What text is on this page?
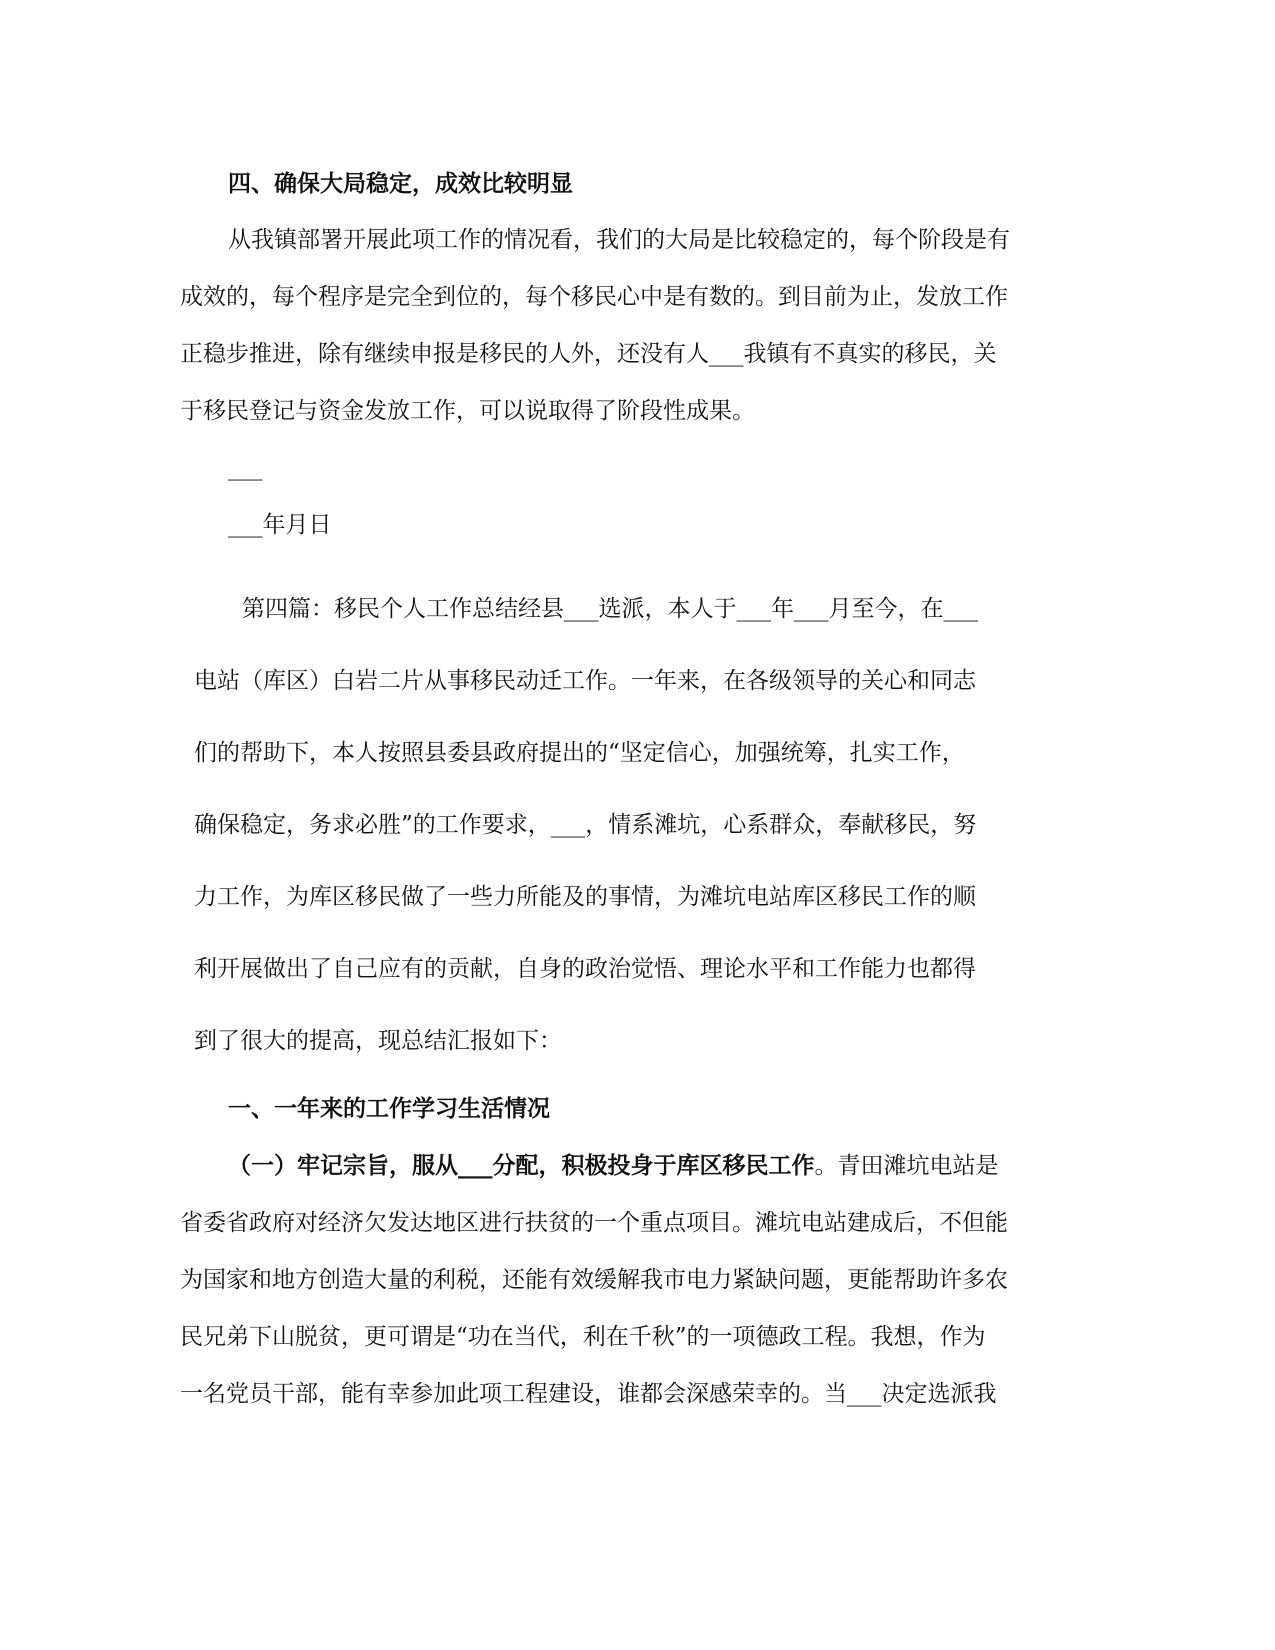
四、确保大局稳定，成效比较明显

从我镇部署开展此项工作的情况看，我们的大局是比较稳定的，每个阶段是有

成效的，每个程序是完全到位的，每个移民心中是有数的。到目前为止，发放工作

正稳步推进，除有继续申报是移民的人外，还没有人___我镇有不真实的移民，关

于移民登记与资金发放工作，可以说取得了阶段性成果。

___

___年月日

第四篇：移民个人工作总结经县___选派，本人于___年___月至今，在___

电站（库区）白岩二片从事移民动迁工作。一年来，在各级领导的关心和同志

们的帮助下，本人按照县委县政府提出的“坚定信心，加强统筹，扎实工作，

确保稳定，务求必胜”的工作要求，___，情系滩坑，心系群众，奉献移民，努

力工作，为库区移民做了一些力所能及的事情，为滩坑电站库区移民工作的顺

利开展做出了自己应有的贡献，自身的政治觉悟、理论水平和工作能力也都得

到了很大的提高，现总结汇报如下：

一、一年来的工作学习生活情况

（一）牢记宗旨，服从___分配，积极投身于库区移民工作。青田滩坑电站是

省委省政府对经济欠发达地区进行扶贫的一个重点项目。滩坑电站建成后，不但能

为国家和地方创造大量的利税，还能有效缓解我市电力紧缺问题，更能帮助许多农

民兄弟下山脱贫，更可谓是“功在当代，利在千秋”的一项德政工程。我想，作为

一名党员干部，能有幸参加此项工程建设，谁都会深感荣幸的。当___决定选派我
